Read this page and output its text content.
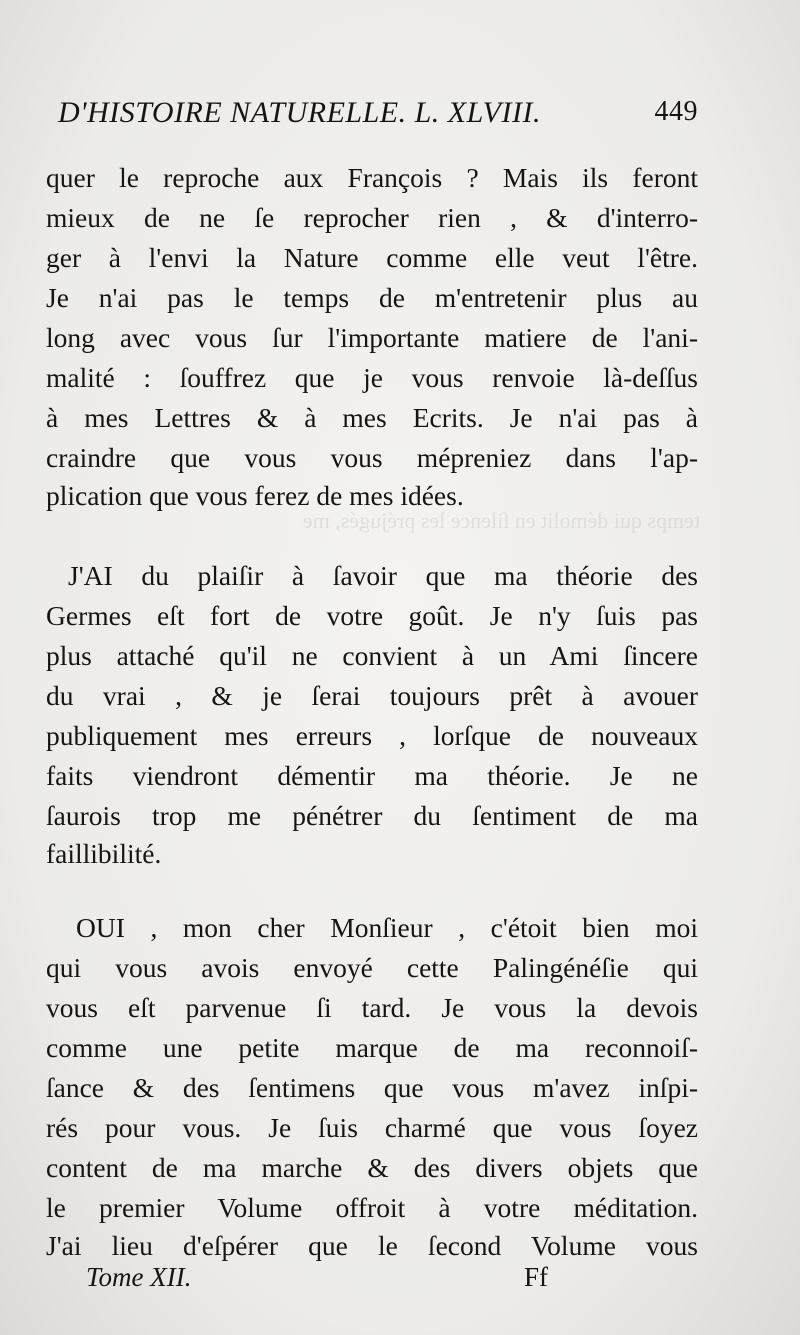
D'HISTOIRE NATURELLE. L. XLVIII.	449
quer le reproche aux François ? Mais ils feront
mieux de ne ſe reprocher rien , & d'interro-
ger à l'envi la Nature comme elle veut l'être.
Je n'ai pas le temps de m'entretenir plus au
long avec vous ſur l'importante matiere de l'ani-
malité : ſouffrez que je vous renvoie là-deſſus
à mes Lettres & à mes Ecrits. Je n'ai pas à
craindre que vous vous mépreniez dans l'ap-
plication que vous ferez de mes idées.
temps qui démolit en ſilence les préjugés, me
J'AI du plaiſir à ſavoir que ma théorie des
Germes eſt fort de votre goût. Je n'y ſuis pas
plus attaché qu'il ne convient à un Ami ſincere
du vrai , & je ſerai toujours prêt à avouer
publiquement mes erreurs , lorſque de nouveaux
faits viendront démentir ma théorie. Je ne
ſaurois trop me pénétrer du ſentiment de ma
faillibilité.
OUI , mon cher Monſieur , c'étoit bien moi
qui vous avois envoyé cette Palingénéſie qui
vous eſt parvenue ſi tard. Je vous la devois
comme une petite marque de ma reconnoiſ-
ſance & des ſentimens que vous m'avez inſpi-
rés pour vous. Je ſuis charmé que vous ſoyez
content de ma marche & des divers objets que
le premier Volume offroit à votre méditation.
J'ai lieu d'eſpérer que le ſecond Volume vous
Tome XII.	Ff
